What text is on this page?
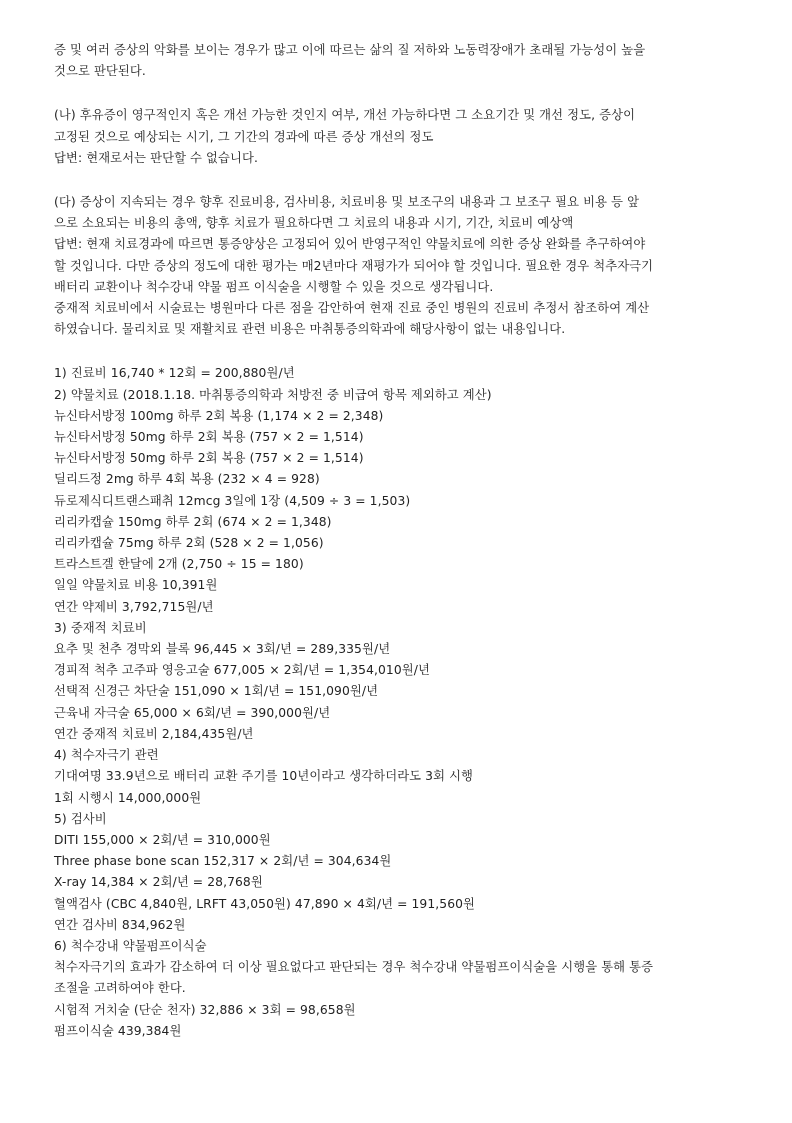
증 및 여러 증상의 악화를 보이는 경우가 많고 이에 따르는 삶의 질 저하와 노동력장애가 초래될 가능성이 높을

것으로 판단된다.

(나) 후유증이 영구적인지 혹은 개선 가능한 것인지 여부, 개선 가능하다면 그 소요기간 및 개선 정도, 증상이

고정된 것으로 예상되는 시기, 그 기간의 경과에 따른 증상 개선의 정도

답변: 현재로서는 판단할 수 없습니다.

(다) 증상이 지속되는 경우 향후 진료비용, 검사비용, 치료비용 및 보조구의 내용과 그 보조구 필요 비용 등 앞

으로 소요되는 비용의 총액, 향후 치료가 필요하다면 그 치료의 내용과 시기, 기간, 치료비 예상액

답변: 현재 치료경과에 따르면 통증양상은 고정되어 있어 반영구적인 약물치료에 의한 증상 완화를 추구하여야

할 것입니다. 다만 증상의 정도에 대한 평가는 매2년마다 재평가가 되어야 할 것입니다. 필요한 경우 척추자극기

배터리 교환이나 척수강내 약물 펌프 이식술을 시행할 수 있을 것으로 생각됩니다.

중재적 치료비에서 시술료는 병원마다 다른 점을 감안하여 현재 진료 중인 병원의 진료비 추정서 참조하여 계산

하였습니다. 물리치료 및 재활치료 관련 비용은 마취통증의학과에 해당사항이 없는 내용입니다.

1) 진료비 16,740 * 12회 = 200,880원/년

2) 약물치료 (2018.1.18. 마취통증의학과 처방전 중 비급여 항목 제외하고 계산)

뉴신타서방정 100mg 하루 2회 복용 (1,174 × 2 = 2,348)

뉴신타서방정 50mg 하루 2회 복용 (757 × 2 = 1,514)

뉴신타서방정 50mg 하루 2회 복용 (757 × 2 = 1,514)

딜리드정 2mg 하루 4회 복용 (232 × 4 = 928)

듀로제식디트랜스패취 12mcg 3일에 1장 (4,509 ÷ 3 = 1,503)

리리카캡슐 150mg 하루 2회 (674 × 2 = 1,348)

리리카캡슐 75mg 하루 2회 (528 × 2 = 1,056)

트라스트겔 한달에 2개 (2,750 ÷ 15 = 180)

일일 약물치료 비용 10,391원

연간 약제비 3,792,715원/년

3) 중재적 치료비

요추 및 천추 경막외 블록 96,445 × 3회/년 = 289,335원/년

경피적 척추 고주파 영응고술 677,005 × 2회/년 = 1,354,010원/년

선택적 신경근 차단술 151,090 × 1회/년 = 151,090원/년

근육내 자극술 65,000 × 6회/년 = 390,000원/년

연간 중재적 치료비 2,184,435원/년

4) 척수자극기 관련

기대여명 33.9년으로 배터리 교환 주기를 10년이라고 생각하더라도 3회 시행

1회 시행시 14,000,000원

5) 검사비

DITI 155,000 × 2회/년 = 310,000원

Three phase bone scan 152,317 × 2회/년 = 304,634원

X-ray 14,384 × 2회/년 = 28,768원

혈액검사 (CBC 4,840원, LRFT 43,050원) 47,890 × 4회/년 = 191,560원

연간 검사비 834,962원

6) 척수강내 약물펌프이식술

척수자극기의 효과가 감소하여 더 이상 필요없다고 판단되는 경우 척수강내 약물펌프이식술을 시행을 통해 통증

조절을 고려하여야 한다.

시험적 거치술 (단순 천자) 32,886 × 3회 = 98,658원

펌프이식술 439,384원
